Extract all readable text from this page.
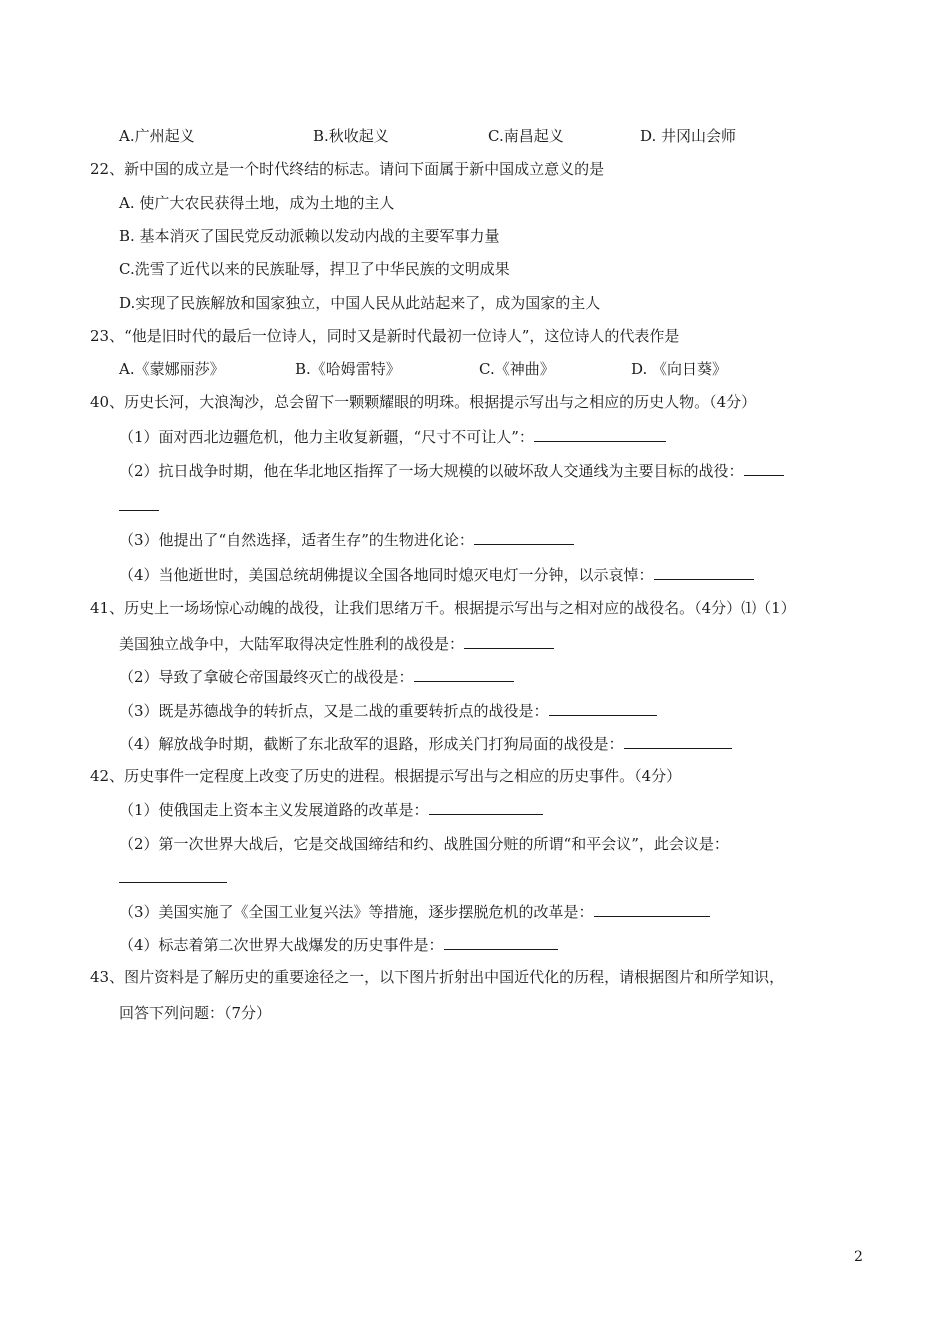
A.广州起义	B.秋收起义	C.南昌起义	D. 井冈山会师
22、新中国的成立是一个时代终结的标志。请问下面属于新中国成立意义的是
A. 使广大农民获得土地，成为土地的主人
B. 基本消灭了国民党反动派赖以发动内战的主要军事力量
C.洗雪了近代以来的民族耻辱，捍卫了中华民族的文明成果
D.实现了民族解放和国家独立，中国人民从此站起来了，成为国家的主人
23、“他是旧时代的最后一位诗人，同时又是新时代最初一位诗人”，这位诗人的代表作是
A.《蒙娜丽莎》	B.《哈姆雷特》	C.《神曲》	D. 《向日葵》
40、历史长河，大浪淘沙，总会留下一颗颗耀眼的明珠。根据提示写出与之相应的历史人物。（4分）
（1）面对西北边疆危机，他力主收复新疆，“尺寸不可让人”：
（2）抗日战争时期，他在华北地区指挥了一场大规模的以破坏敌人交通线为主要目标的战役：
（3）他提出了“自然选择，适者生存”的生物进化论：
（4）当他逝世时，美国总统胡佛提议全国各地同时熄灭电灯一分钟，以示哀悼：
41、历史上一场场惊心动魄的战役，让我们思绪万千。根据提示写出与之相对应的战役名。（4分）⑴（1）
美国独立战争中，大陆军取得决定性胜利的战役是：
（2）导致了拿破仑帝国最终灭亡的战役是：
（3）既是苏德战争的转折点，又是二战的重要转折点的战役是：
（4）解放战争时期，截断了东北敌军的退路，形成关门打狗局面的战役是：
42、历史事件一定程度上改变了历史的进程。根据提示写出与之相应的历史事件。（4分）
（1）使俄国走上资本主义发展道路的改革是：
（2）第一次世界大战后，它是交战国缔结和约、战胜国分赃的所谓“和平会议”，此会议是：
（3）美国实施了《全国工业复兴法》等措施，逐步摆脱危机的改革是：
（4）标志着第二次世界大战爆发的历史事件是：
43、图片资料是了解历史的重要途径之一，以下图片折射出中国近代化的历程，请根据图片和所学知识，
回答下列问题：（7分）
2
